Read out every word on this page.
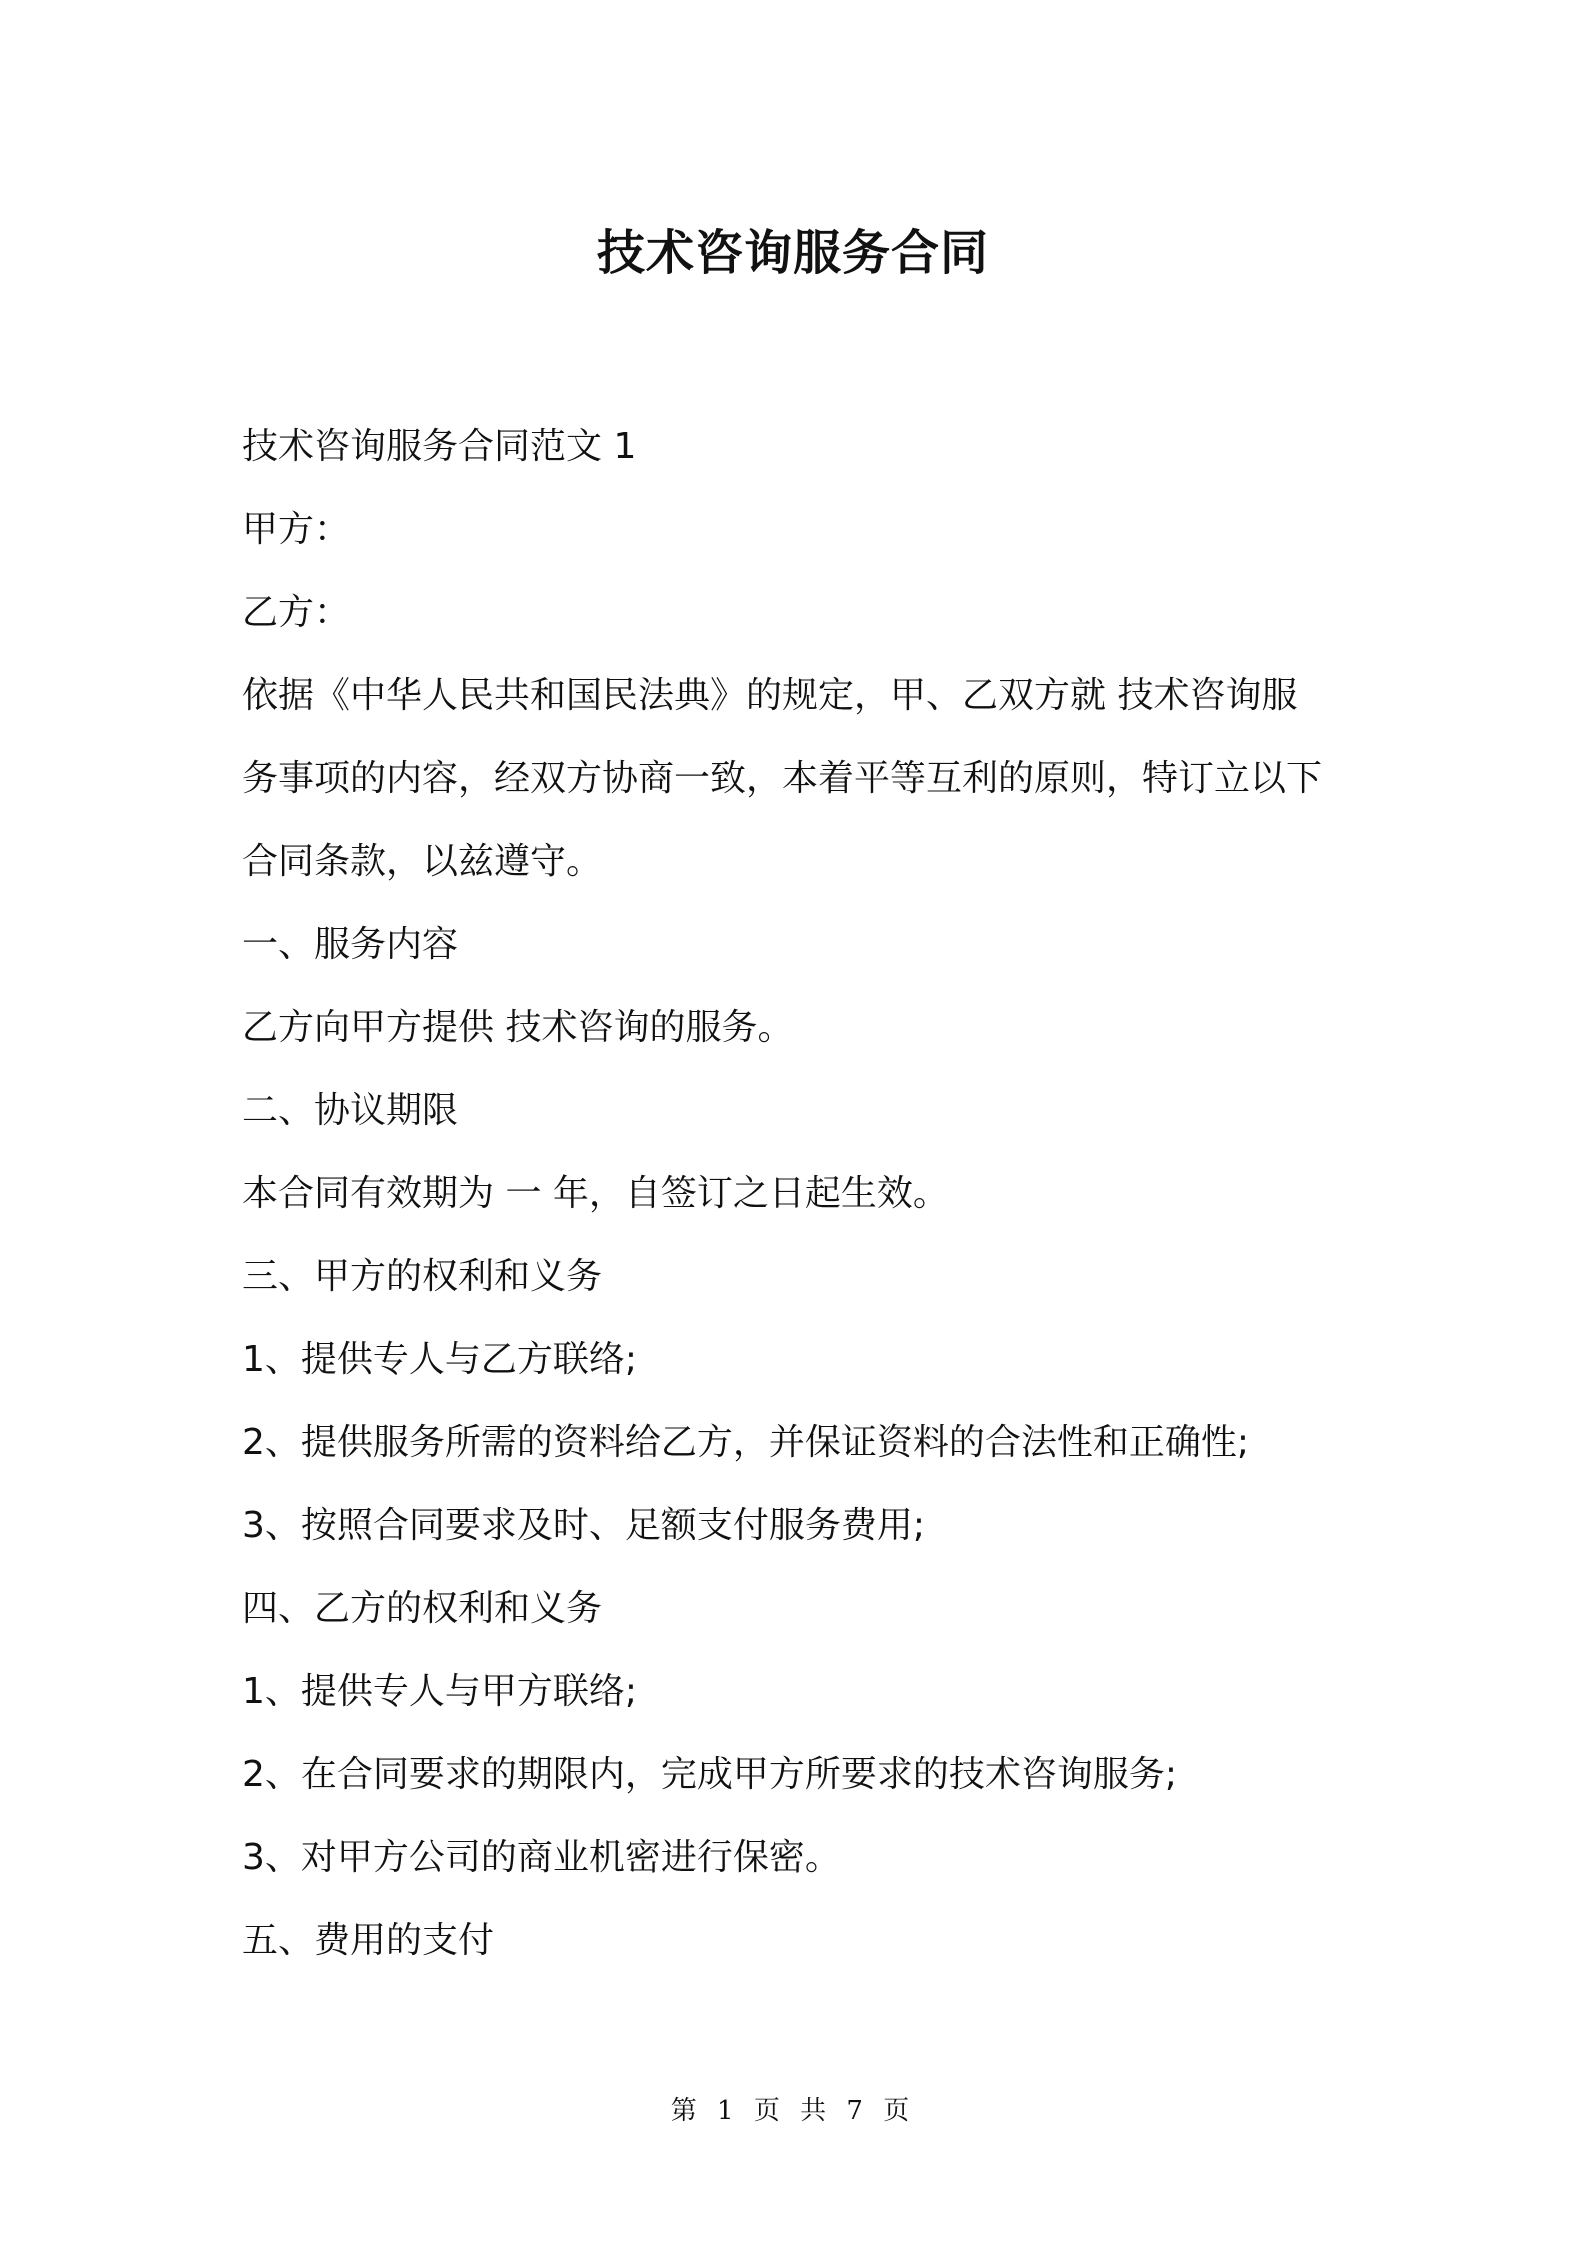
技术咨询服务合同
技术咨询服务合同范文 1
甲方：
乙方：
依据《中华人民共和国民法典》的规定，甲、乙双方就 技术咨询服
务事项的内容，经双方协商一致，本着平等互利的原则，特订立以下
合同条款，以兹遵守。
一、服务内容
乙方向甲方提供 技术咨询的服务。
二、协议期限
本合同有效期为 一 年，自签订之日起生效。
三、甲方的权利和义务
1、提供专人与乙方联络;
2、提供服务所需的资料给乙方，并保证资料的合法性和正确性;
3、按照合同要求及时、足额支付服务费用;
四、乙方的权利和义务
1、提供专人与甲方联络;
2、在合同要求的期限内，完成甲方所要求的技术咨询服务;
3、对甲方公司的商业机密进行保密。
五、费用的支付
第 1 页 共 7 页
